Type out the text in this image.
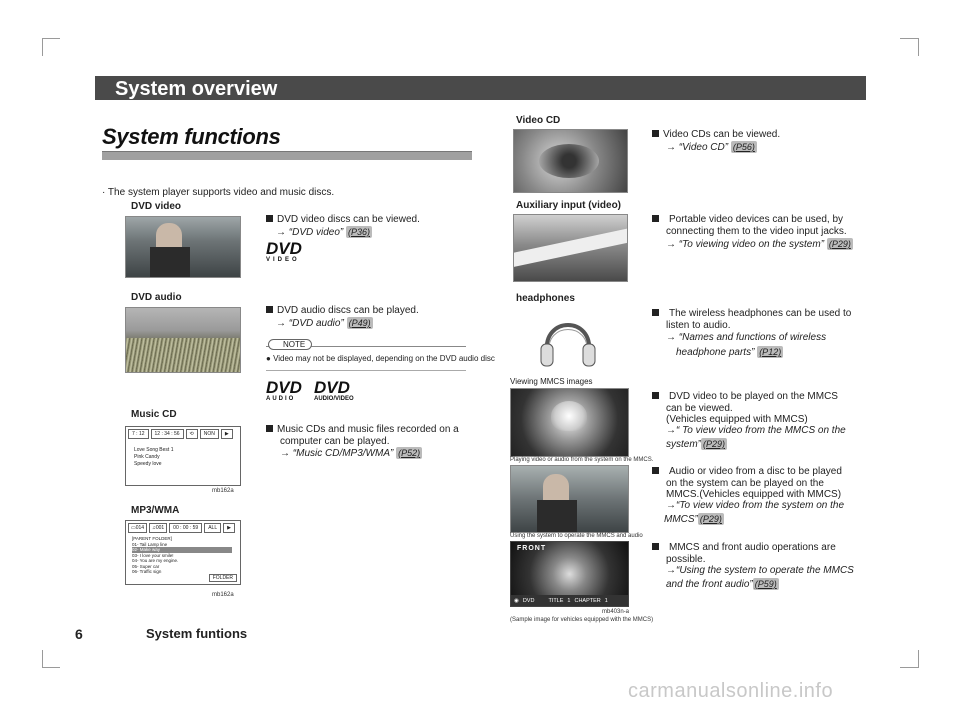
System overview
System functions
· The system player supports video and music discs.
DVD video
DVD video discs can be viewed.
→ “DVD video” (P36)
DVD
VIDEO
DVD audio
DVD audio discs can be played.
→ “DVD audio” (P49)
NOTE
● Video may not be displayed, depending on the DVD audio disc
DVD
AUDIO
DVD
AUDIO/VIDEO
Music CD
7 : 12	12 : 34 : 56	⟲	NON	▶
Love Song Best 1
Pink Candy
Speedy love
mb162a
Music CDs and music files recorded on a
computer can be played.
→ “Music CD/MP3/WMA” (P52)
MP3/WMA
▭014	♫001	00 : 00 : 59	ALL	▶
[PARENT FOLDER]
01- Tail Lamp line
02- Make way
03- I love your smile!
04- You are my engine.
05- Super car
06- Traffic sign
FOLDER
mb162a
Video CD
Video CDs can be viewed.
→ “Video CD” (P56)
Auxiliary input (video)
Portable video devices can be used, by
connecting them to the video input jacks.
→ “To viewing video on the system” (P29)
headphones
The wireless headphones can be used to
listen to audio.
→ “Names and functions of wireless
headphone parts” (P12)
Viewing MMCS images
Playing video or audio from the system on the MMCS.
Using the system to operate the MMCS and audio
FRONT
◉ DVD	TITLE 1 CHAPTER 1
mb403n-a
(Sample image for vehicles equipped with the MMCS)
DVD video to be played on the MMCS
can be viewed.
(Vehicles equipped with MMCS)
→“ To view video from the MMCS on the
system” (P29)
Audio or video from a disc to be played
on the system can be played on the
MMCS.(Vehicles equipped with MMCS)
→“To view video from the system on the
MMCS” (P29)
MMCS and front audio operations are
possible.
→“Using the system to operate the MMCS
and the front audio” (P59)
6	System funtions
carmanualsonline.info
